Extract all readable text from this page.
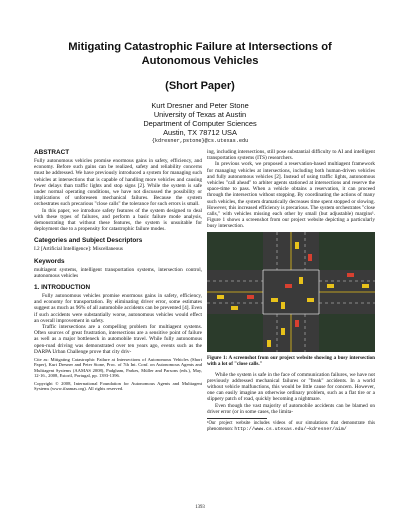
Mitigating Catastrophic Failure at Intersections of
Autonomous Vehicles
(Short Paper)
Kurt Dresner and Peter Stone
University of Texas at Austin
Department of Computer Sciences
Austin, TX 78712 USA
{kdresner,pstone}@cs.utexas.edu
ABSTRACT

Fully autonomous vehicles promise enormous gains in safety, efficiency, and economy. Before such gains can be realized, safety and reliability concerns must be addressed. We have previously introduced a system for managing such vehicles at intersections that is capable of handling more vehicles and causing fewer delays than traffic lights and stop signs [2]. While the system is safe under normal operating conditions, we have not discussed the possibility or implications of unforeseen mechanical failures. Because the system orchestrates such precarious "close calls" the tolerance for such errors is small.

In this paper, we introduce safety features of the system designed to deal with these types of failures, and perform a basic failure mode analysis, demonstrating that without these features, the system is unsuitable for deployment due to a propensity for catastrophic failure modes.

Categories and Subject Descriptors

I.2 [Artificial Intelligence]: Miscellaneous

Keywords

multiagent systems, intelligent transportation systems, intersection control, autonomous vehicles

1. INTRODUCTION

Fully autonomous vehicles promise enormous gains in safety, efficiency, and economy for transportation. By eliminating driver error, some estimates suggest as much as 96% of all automobile accidents can be prevented [4]. Even if such accidents were substantially worse, autonomous vehicles would effect an overall improvement in safety.

Traffic intersections are a compelling problem for multiagent systems. Often sources of great frustration, intersections are a sensitive point of failure as well as a major bottleneck in automobile travel. While fully autonomous open-road driving was demonstrated over ten years ago, events such as the DARPA Urban Challenge prove that city driv-

Cite as: Mitigating Catastrophic Failure at Intersections of Autonomous Vehicles (Short Paper), Kurt Dresner and Peter Stone, Proc. of 7th Int. Conf. on Autonomous Agents and Multiagent Systems (AAMAS 2008), Padgham, Parkes, Müller and Parsons (eds.), May, 12-16., 2008, Estoril, Portugal, pp. 1393-1396.

Copyright © 2008, International Foundation for Autonomous Agents and Multiagent Systems (www.ifaamas.org). All rights reserved.

ing, including intersections, still pose substantial difficulty to AI and intelligent transportation systems (ITS) researchers.

In previous work, we proposed a reservation-based multiagent framework for managing vehicles at intersections, including both human-driven vehicles and fully autonomous vehicles [2]. Instead of using traffic lights, autonomous vehicles "call ahead" to arbiter agents stationed at intersections and reserve the space-time to pass. When a vehicle obtains a reservation, it can proceed through the intersection without stopping. By coordinating the actions of many such vehicles, the system dramatically decreases time spent stopped or slowing. However, this increased efficiency is precarious. The system orchestrates "close calls," with vehicles missing each other by small (but adjustable) margins¹. Figure 1 shows a screenshot from our project website depicting a particularly busy intersection.

Figure 1: A screenshot from our project website showing a busy intersection with a lot of "close calls."

While the system is safe in the face of communication failures, we have not previously addressed mechanical failures or "freak" accidents. In a world without vehicle malfunctions, this would be little cause for concern. However, one can easily imagine an otherwise ordinary problem, such as a flat tire or a slippery patch of road, quickly becoming a nightmare.

Even though the vast majority of automobile accidents can be blamed on driver error (or in some cases, the limita-

¹Our project website includes videos of our simulations that demonstrate this phenomenon: http://www.cs.utexas.edu/~kdresner/aim/

1393
